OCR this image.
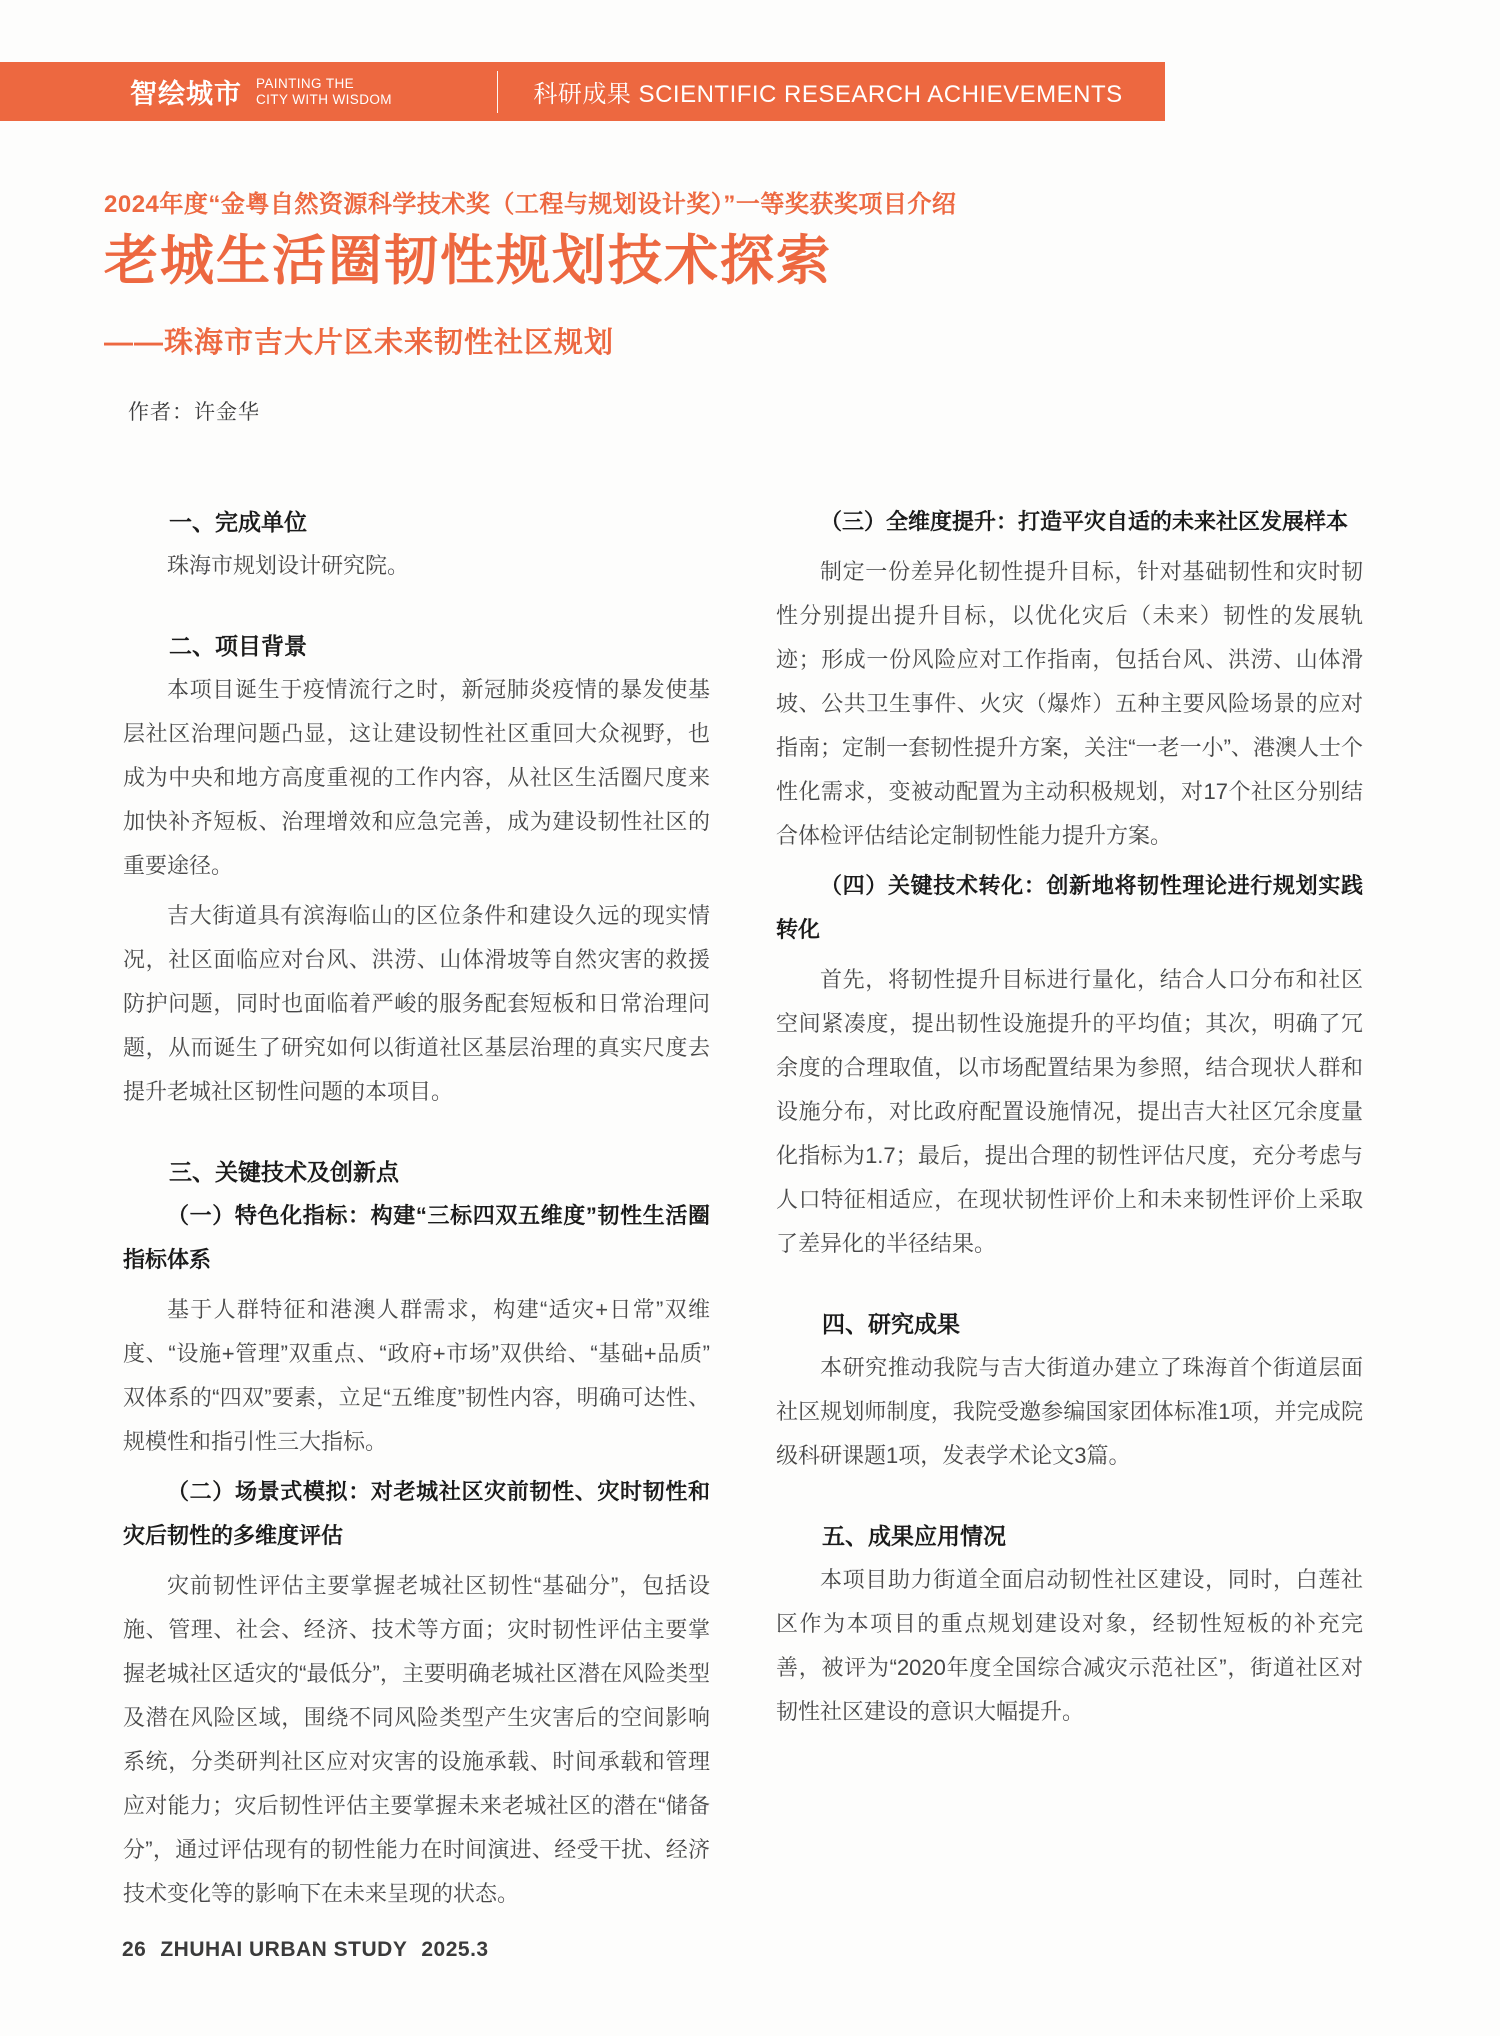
智绘城市 PAINTING THE
CITY WITH WISDOM	科研成果 SCIENTIFIC RESEARCH ACHIEVEMENTS
2024年度“金粤自然资源科学技术奖（工程与规划设计奖）”一等奖获奖项目介绍
老城生活圈韧性规划技术探索
——珠海市吉大片区未来韧性社区规划
作者：许金华
一、完成单位

珠海市规划设计研究院。

二、项目背景

本项目诞生于疫情流行之时，新冠肺炎疫情的暴发使基层社区治理问题凸显，这让建设韧性社区重回大众视野，也成为中央和地方高度重视的工作内容，从社区生活圈尺度来加快补齐短板、治理增效和应急完善，成为建设韧性社区的重要途径。

吉大街道具有滨海临山的区位条件和建设久远的现实情况，社区面临应对台风、洪涝、山体滑坡等自然灾害的救援防护问题，同时也面临着严峻的服务配套短板和日常治理问题，从而诞生了研究如何以街道社区基层治理的真实尺度去提升老城社区韧性问题的本项目。

三、关键技术及创新点

（一）特色化指标：构建“三标四双五维度”韧性生活圈指标体系

基于人群特征和港澳人群需求，构建“适灾+日常”双维度、“设施+管理”双重点、“政府+市场”双供给、“基础+品质”双体系的“四双”要素，立足“五维度”韧性内容，明确可达性、规模性和指引性三大指标。

（二）场景式模拟：对老城社区灾前韧性、灾时韧性和灾后韧性的多维度评估

灾前韧性评估主要掌握老城社区韧性“基础分”，包括设施、管理、社会、经济、技术等方面；灾时韧性评估主要掌握老城社区适灾的“最低分”，主要明确老城社区潜在风险类型及潜在风险区域，围绕不同风险类型产生灾害后的空间影响系统，分类研判社区应对灾害的设施承载、时间承载和管理应对能力；灾后韧性评估主要掌握未来老城社区的潜在“储备分”，通过评估现有的韧性能力在时间演进、经受干扰、经济技术变化等的影响下在未来呈现的状态。

（三）全维度提升：打造平灾自适的未来社区发展样本

制定一份差异化韧性提升目标，针对基础韧性和灾时韧性分别提出提升目标，以优化灾后（未来）韧性的发展轨迹；形成一份风险应对工作指南，包括台风、洪涝、山体滑坡、公共卫生事件、火灾（爆炸）五种主要风险场景的应对指南；定制一套韧性提升方案，关注“一老一小”、港澳人士个性化需求，变被动配置为主动积极规划，对17个社区分别结合体检评估结论定制韧性能力提升方案。

（四）关键技术转化：创新地将韧性理论进行规划实践转化

首先，将韧性提升目标进行量化，结合人口分布和社区空间紧凑度，提出韧性设施提升的平均值；其次，明确了冗余度的合理取值，以市场配置结果为参照，结合现状人群和设施分布，对比政府配置设施情况，提出吉大社区冗余度量化指标为1.7；最后，提出合理的韧性评估尺度，充分考虑与人口特征相适应，在现状韧性评价上和未来韧性评价上采取了差异化的半径结果。

四、研究成果

本研究推动我院与吉大街道办建立了珠海首个街道层面社区规划师制度，我院受邀参编国家团体标准1项，并完成院级科研课题1项，发表学术论文3篇。

五、成果应用情况

本项目助力街道全面启动韧性社区建设，同时，白莲社区作为本项目的重点规划建设对象，经韧性短板的补充完善，被评为“2020年度全国综合减灾示范社区”，街道社区对韧性社区建设的意识大幅提升。

26 ZHUHAI URBAN STUDY 2025.3
